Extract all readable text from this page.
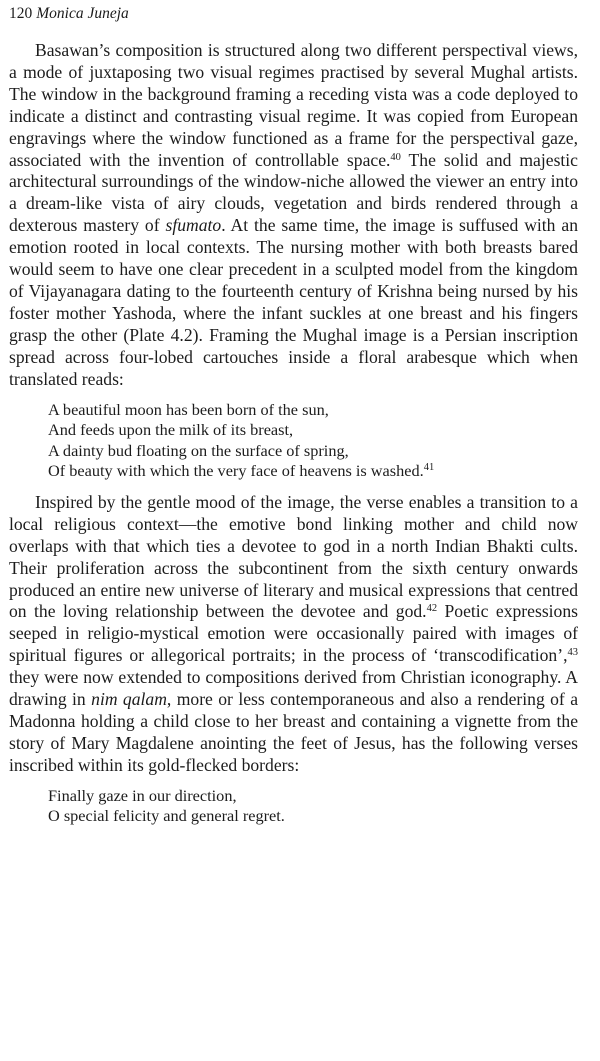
120 Monica Juneja

Basawan’s composition is structured along two different perspectival views, a mode of juxtaposing two visual regimes practised by several Mughal artists. The window in the background framing a receding vista was a code deployed to indicate a distinct and contrasting visual regime. It was copied from European engravings where the window functioned as a frame for the perspectival gaze, associated with the invention of controllable space.$^{40}$ The solid and majestic architectural surroundings of the window-niche allowed the viewer an entry into a dream-like vista of airy clouds, vegetation and birds rendered through a dexterous mastery of sfumato. At the same time, the image is suffused with an emotion rooted in local contexts. The nursing mother with both breasts bared would seem to have one clear precedent in a sculpted model from the kingdom of Vijayanagara dating to the fourteenth century of Krishna being nursed by his foster mother Yashoda, where the infant suckles at one breast and his fingers grasp the other (Plate 4.2). Framing the Mughal image is a Persian inscription spread across four-lobed cartouches inside a floral arabesque which when translated reads:

A beautiful moon has been born of the sun,
And feeds upon the milk of its breast,
A dainty bud floating on the surface of spring,
Of beauty with which the very face of heavens is washed.$^{41}$

Inspired by the gentle mood of the image, the verse enables a transition to a local religious context—the emotive bond linking mother and child now overlaps with that which ties a devotee to god in a north Indian Bhakti cults. Their proliferation across the subcontinent from the sixth century onwards produced an entire new universe of literary and musical expressions that centred on the loving relationship between the devotee and god.$^{42}$ Poetic expressions seeped in religio-mystical emotion were occasionally paired with images of spiritual figures or allegorical portraits; in the process of ‘transcodification’,$^{43}$ they were now extended to compositions derived from Christian iconography. A drawing in nim qalam, more or less contemporaneous and also a rendering of a Madonna holding a child close to her breast and containing a vignette from the story of Mary Magdalene anointing the feet of Jesus, has the following verses inscribed within its gold-flecked borders:

Finally gaze in our direction,
O special felicity and general regret.
